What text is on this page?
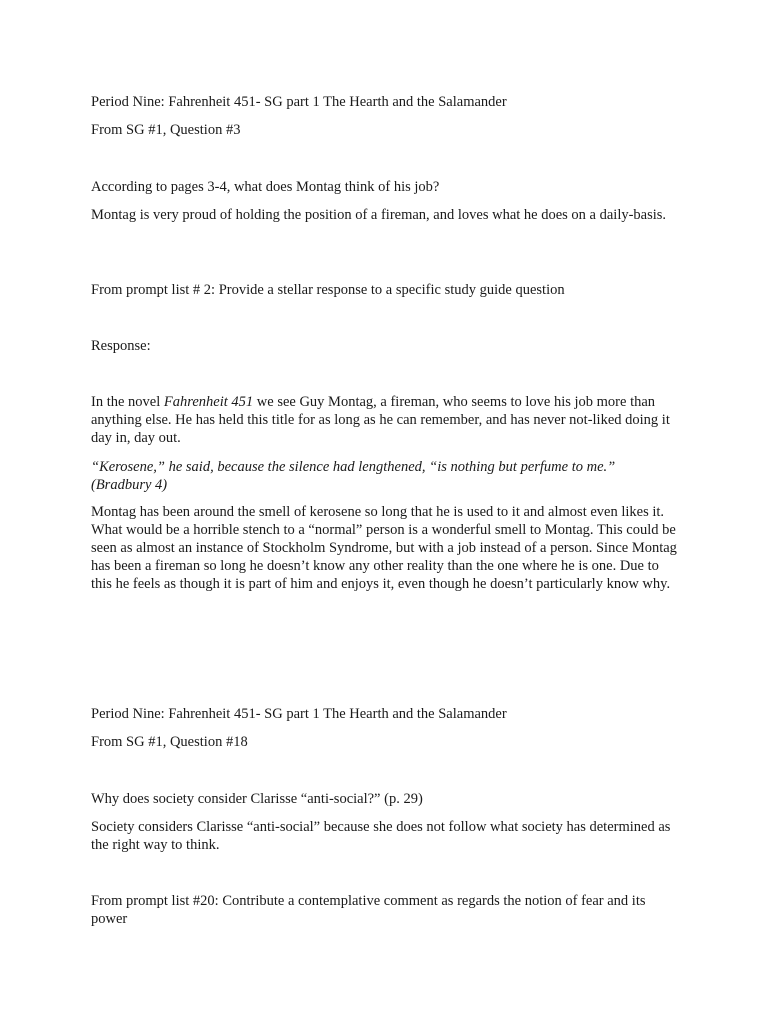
Period Nine: Fahrenheit 451- SG part 1 The Hearth and the Salamander

From SG #1, Question #3

According to pages 3-4, what does Montag think of his job?

Montag is very proud of holding the position of a fireman, and loves what he does on a daily-basis.

From prompt list # 2: Provide a stellar response to a specific study guide question

Response:

In the novel Fahrenheit 451 we see Guy Montag, a fireman, who seems to love his job more than anything else. He has held this title for as long as he can remember, and has never not-liked doing it day in, day out.

“Kerosene,” he said, because the silence had lengthened, “is nothing but perfume to me.” (Bradbury 4)

Montag has been around the smell of kerosene so long that he is used to it and almost even likes it. What would be a horrible stench to a “normal” person is a wonderful smell to Montag. This could be seen as almost an instance of Stockholm Syndrome, but with a job instead of a person. Since Montag has been a fireman so long he doesn’t know any other reality than the one where he is one. Due to this he feels as though it is part of him and enjoys it, even though he doesn’t particularly know why.

Period Nine: Fahrenheit 451- SG part 1 The Hearth and the Salamander

From SG #1, Question #18

Why does society consider Clarisse “anti-social?” (p. 29)

Society considers Clarisse “anti-social” because she does not follow what society has determined as the right way to think.

From prompt list #20: Contribute a contemplative comment as regards the notion of fear and its power
